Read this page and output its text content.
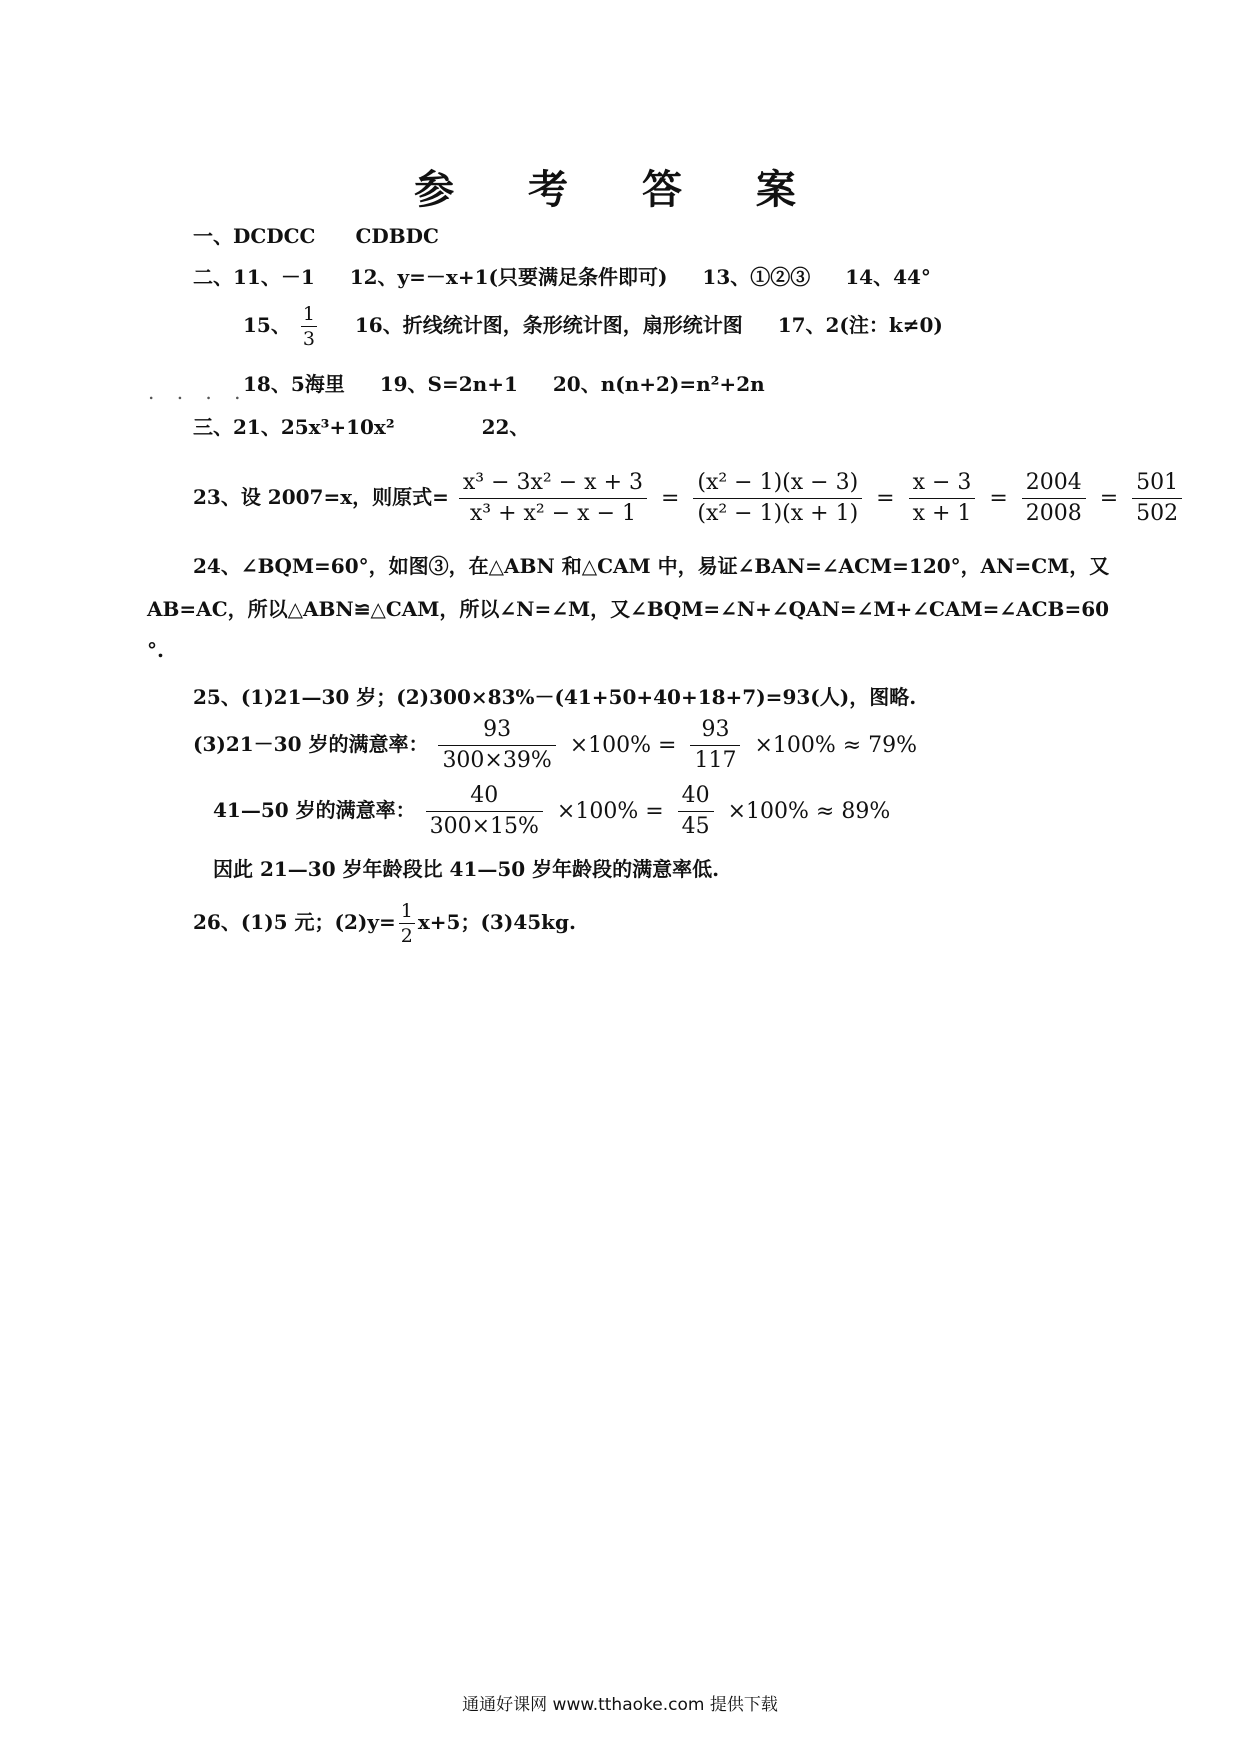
参 考 答 案
一、DCDCC CDBDC
二、11、－1 12、y=－x+1(只要满足条件即可) 13、①②③ 14、44°
15、 $\frac{1}{3} 16$、折线统计图，条形统计图，扇形统计图 17、2(注：k≠0)
. . . .
18、5海里 19、S=2n+1 20、n(n+2)=n²+2n
三、21、25x³+10x²	22、
23、设 2007=x，则原式= $\frac{\text{x³ − 3x² − x + 3}}{\text{x³ + x² − x − 1}} = \frac{\text{(x² − 1)(x − 3)}}{\text{(x² − 1)(x + 1)}} = \frac{x - 3}{x + 1} = \frac{2004}{2008} = \frac{501}{502}$
24、∠BQM=60°，如图③，在△ABN 和△CAM 中，易证∠BAN=∠ACM=120°，AN=CM，又
AB=AC，所以△ABN≌△CAM，所以∠N=∠M，又∠BQM=∠N+∠QAN=∠M+∠CAM=∠ACB=60
°.
25、(1)21—30 岁；(2)300×83%－(41+50+40+18+7)=93(人)，图略.
(3)21－30 岁的满意率： $\frac{93}{300\times 39\%} \times 100\% = \frac{93}{117} \times 100\% \approx 79\%$
41—50 岁的满意率： $\frac{40}{300\times 15\%} \times 100\% = \frac{40}{45} \times 100\% \approx 89\%$
因此 21—30 岁年龄段比 41—50 岁年龄段的满意率低.
26、(1)5 元；$(2)y= \frac{1}{2} x+5$；(3)45kg.
通通好课网 www.tthaoke.com 提供下载
